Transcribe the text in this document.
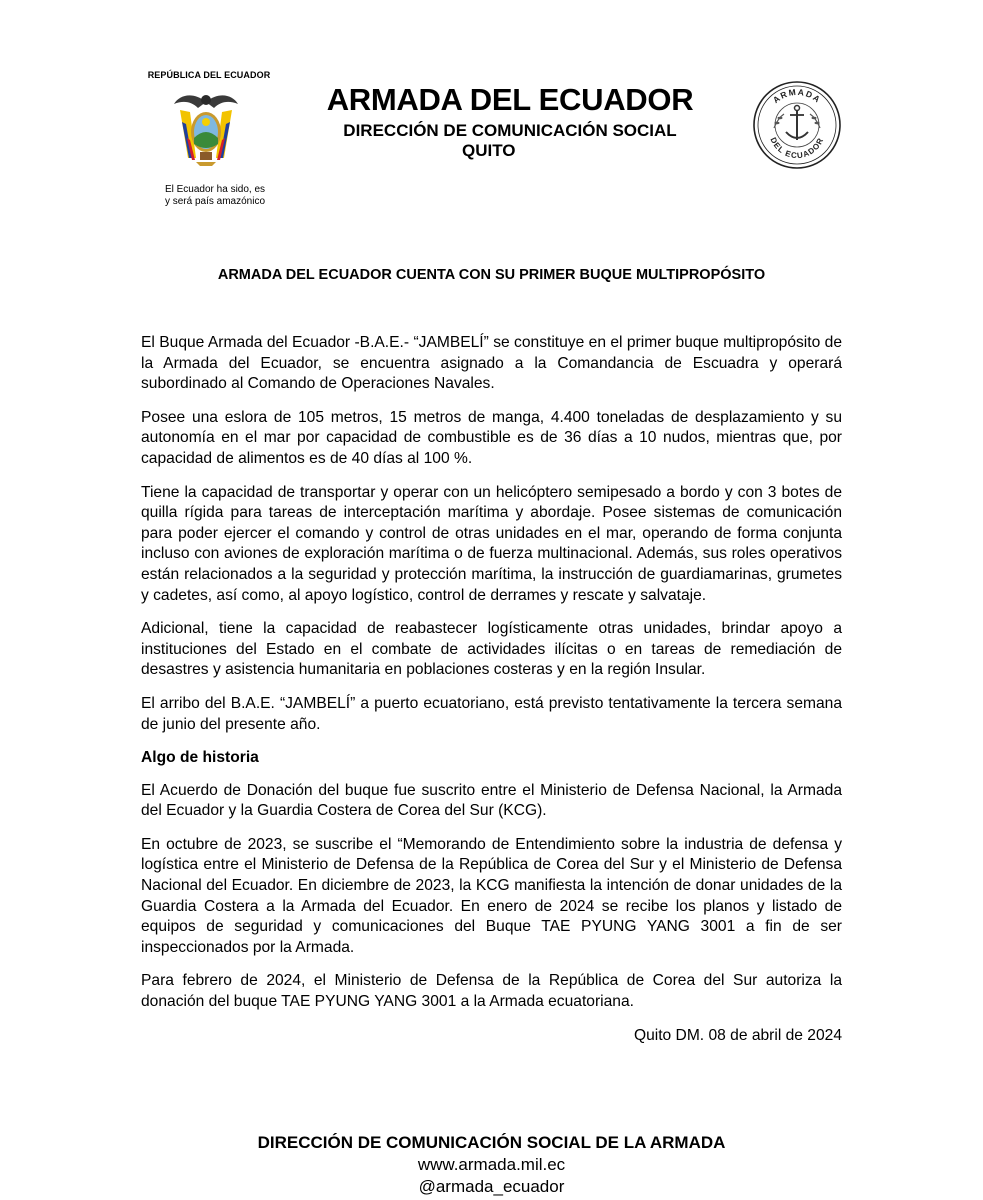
REPÚBLICA DEL ECUADOR
El Ecuador ha sido, es
y será país amazónico
ARMADA DEL ECUADOR
DIRECCIÓN DE COMUNICACIÓN SOCIAL
QUITO
ARMADA
DEL ECUADOR
ARMADA DEL ECUADOR CUENTA CON SU PRIMER BUQUE MULTIPROPÓSITO

El Buque Armada del Ecuador -B.A.E.- “JAMBELÍ” se constituye en el primer buque multipropósito de la Armada del Ecuador, se encuentra asignado a la Comandancia de Escuadra y operará subordinado al Comando de Operaciones Navales.

Posee una eslora de 105 metros, 15 metros de manga, 4.400 toneladas de desplazamiento y su autonomía en el mar por capacidad de combustible es de 36 días a 10 nudos, mientras que, por capacidad de alimentos es de 40 días al 100 %.

Tiene la capacidad de transportar y operar con un helicóptero semipesado a bordo y con 3 botes de quilla rígida para tareas de interceptación marítima y abordaje. Posee sistemas de comunicación para poder ejercer el comando y control de otras unidades en el mar, operando de forma conjunta incluso con aviones de exploración marítima o de fuerza multinacional. Además, sus roles operativos están relacionados a la seguridad y protección marítima, la instrucción de guardiamarinas, grumetes y cadetes, así como, al apoyo logístico, control de derrames y rescate y salvataje.

Adicional, tiene la capacidad de reabastecer logísticamente otras unidades, brindar apoyo a instituciones del Estado en el combate de actividades ilícitas o en tareas de remediación de desastres y asistencia humanitaria en poblaciones costeras y en la región Insular.

El arribo del B.A.E. “JAMBELÍ” a puerto ecuatoriano, está previsto tentativamente la tercera semana de junio del presente año.

Algo de historia

El Acuerdo de Donación del buque fue suscrito entre el Ministerio de Defensa Nacional, la Armada del Ecuador y la Guardia Costera de Corea del Sur (KCG).

En octubre de 2023, se suscribe el “Memorando de Entendimiento sobre la industria de defensa y logística entre el Ministerio de Defensa de la República de Corea del Sur y el Ministerio de Defensa Nacional del Ecuador. En diciembre de 2023, la KCG manifiesta la intención de donar unidades de la Guardia Costera a la Armada del Ecuador. En enero de 2024 se recibe los planos y listado de equipos de seguridad y comunicaciones del Buque TAE PYUNG YANG 3001 a fin de ser inspeccionados por la Armada.

Para febrero de 2024, el Ministerio de Defensa de la República de Corea del Sur autoriza la donación del buque TAE PYUNG YANG 3001 a la Armada ecuatoriana.

Quito DM. 08 de abril de 2024

DIRECCIÓN DE COMUNICACIÓN SOCIAL DE LA ARMADA
www.armada.mil.ec
@armada_ecuador
